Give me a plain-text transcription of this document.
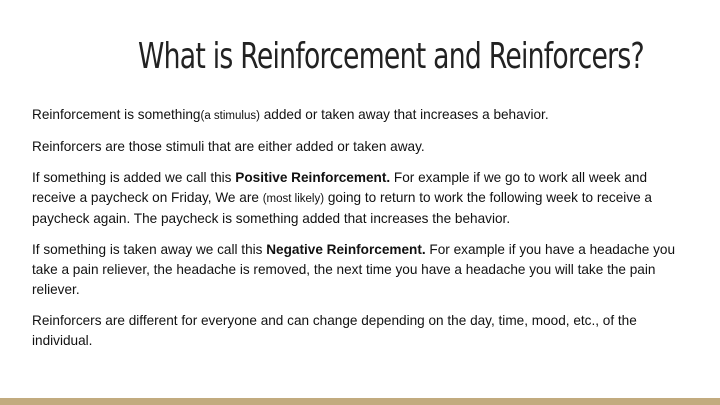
What is Reinforcement and Reinforcers?

Reinforcement is something(a stimulus) added or taken away that increases a behavior.

Reinforcers are those stimuli that are either added or taken away.

If something is added we call this Positive Reinforcement. For example if we go to work all week and receive a paycheck on Friday, We are (most likely) going to return to work the following week to receive a paycheck again. The paycheck is something added that increases the behavior.

If something is taken away we call this Negative Reinforcement. For example if you have a headache you take a pain reliever, the headache is removed, the next time you have a headache you will take the pain reliever.

Reinforcers are different for everyone and can change depending on the day, time, mood, etc., of the individual.
